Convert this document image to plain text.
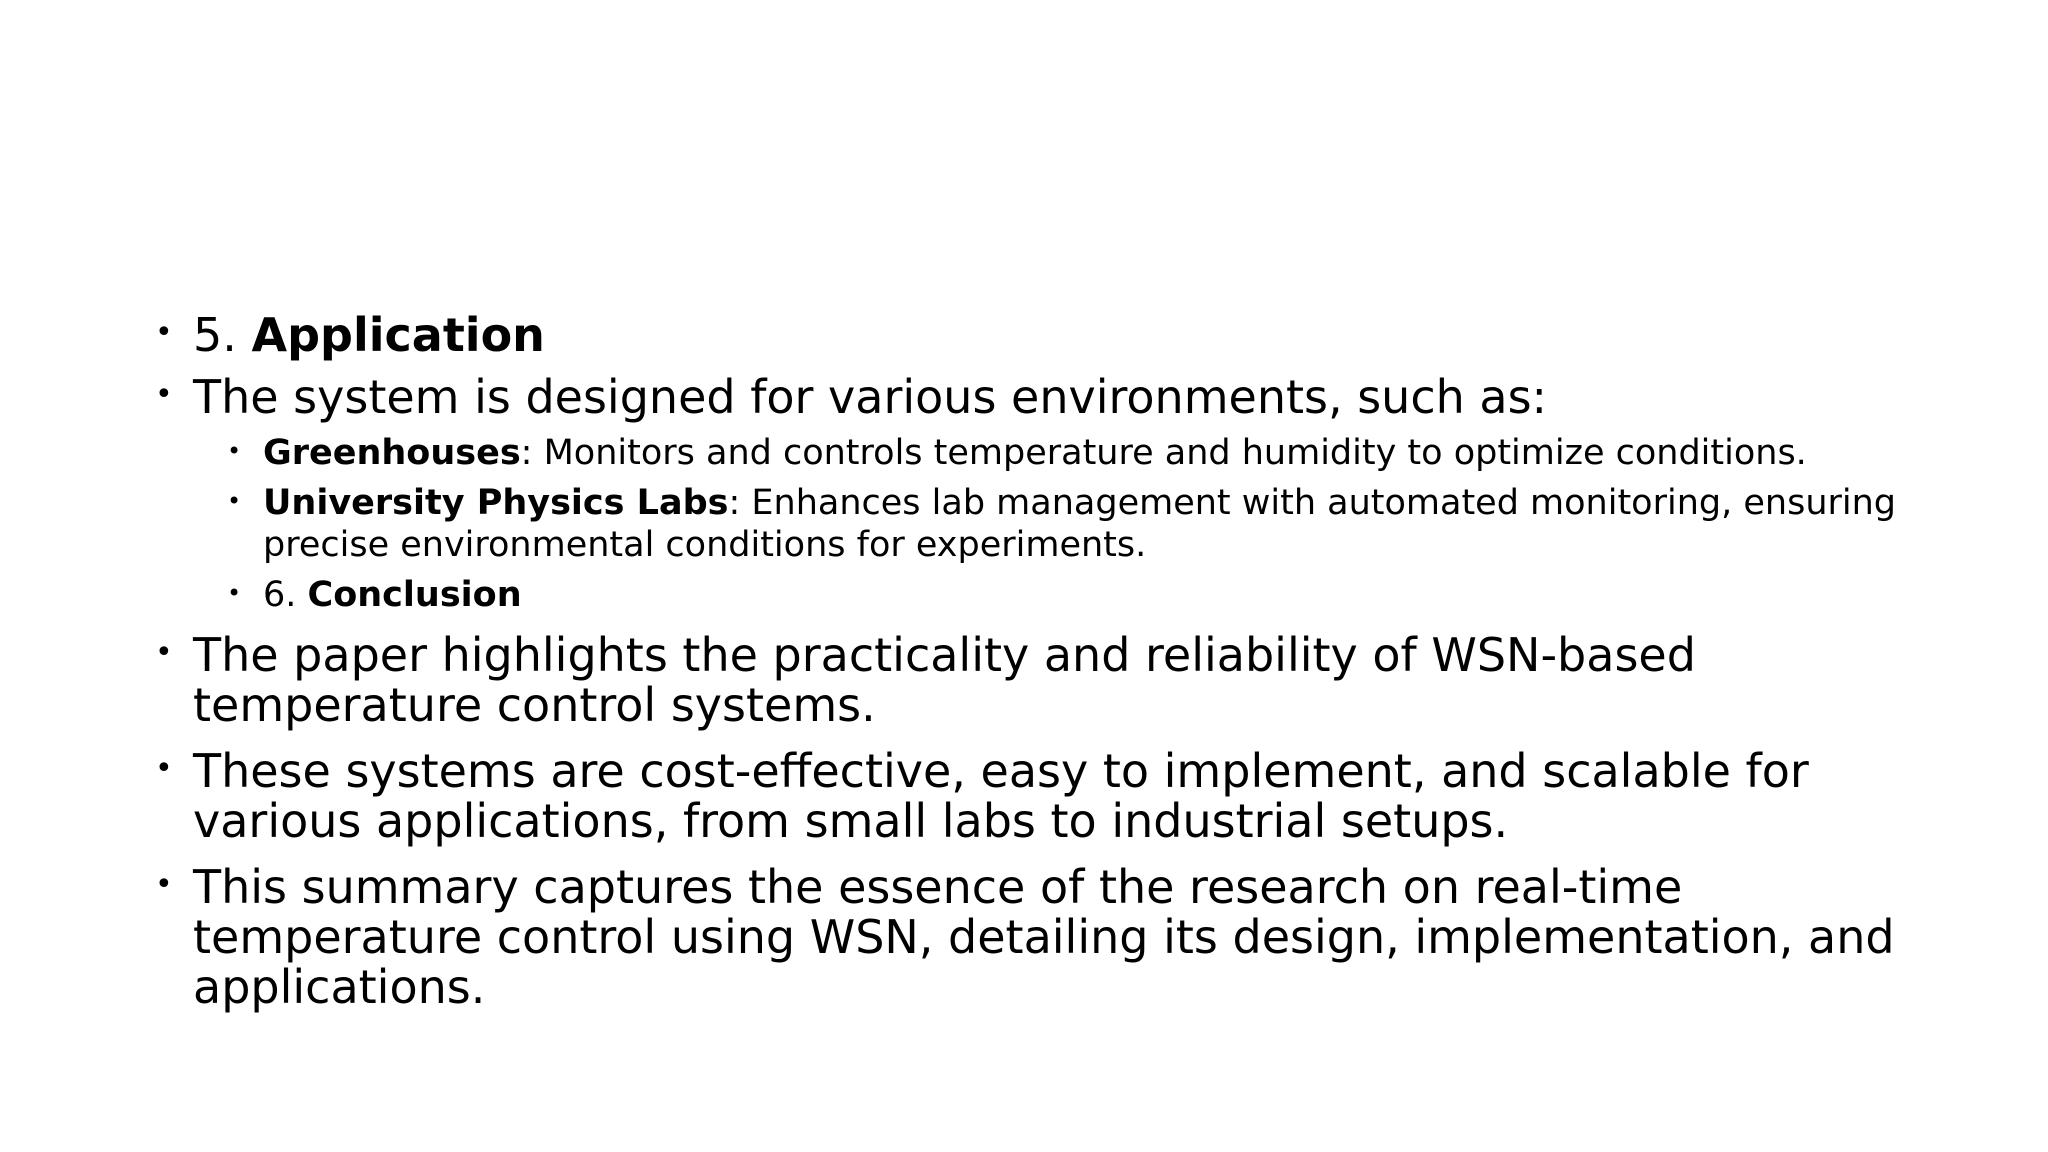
• 5. Application
• The system is designed for various environments, such as:
• Greenhouses: Monitors and controls temperature and humidity to optimize conditions.
• University Physics Labs: Enhances lab management with automated monitoring, ensuring precise environmental conditions for experiments.
• 6. Conclusion
• The paper highlights the practicality and reliability of WSN-based temperature control systems.
• These systems are cost-effective, easy to implement, and scalable for various applications, from small labs to industrial setups.
• This summary captures the essence of the research on real-time temperature control using WSN, detailing its design, implementation, and applications.
